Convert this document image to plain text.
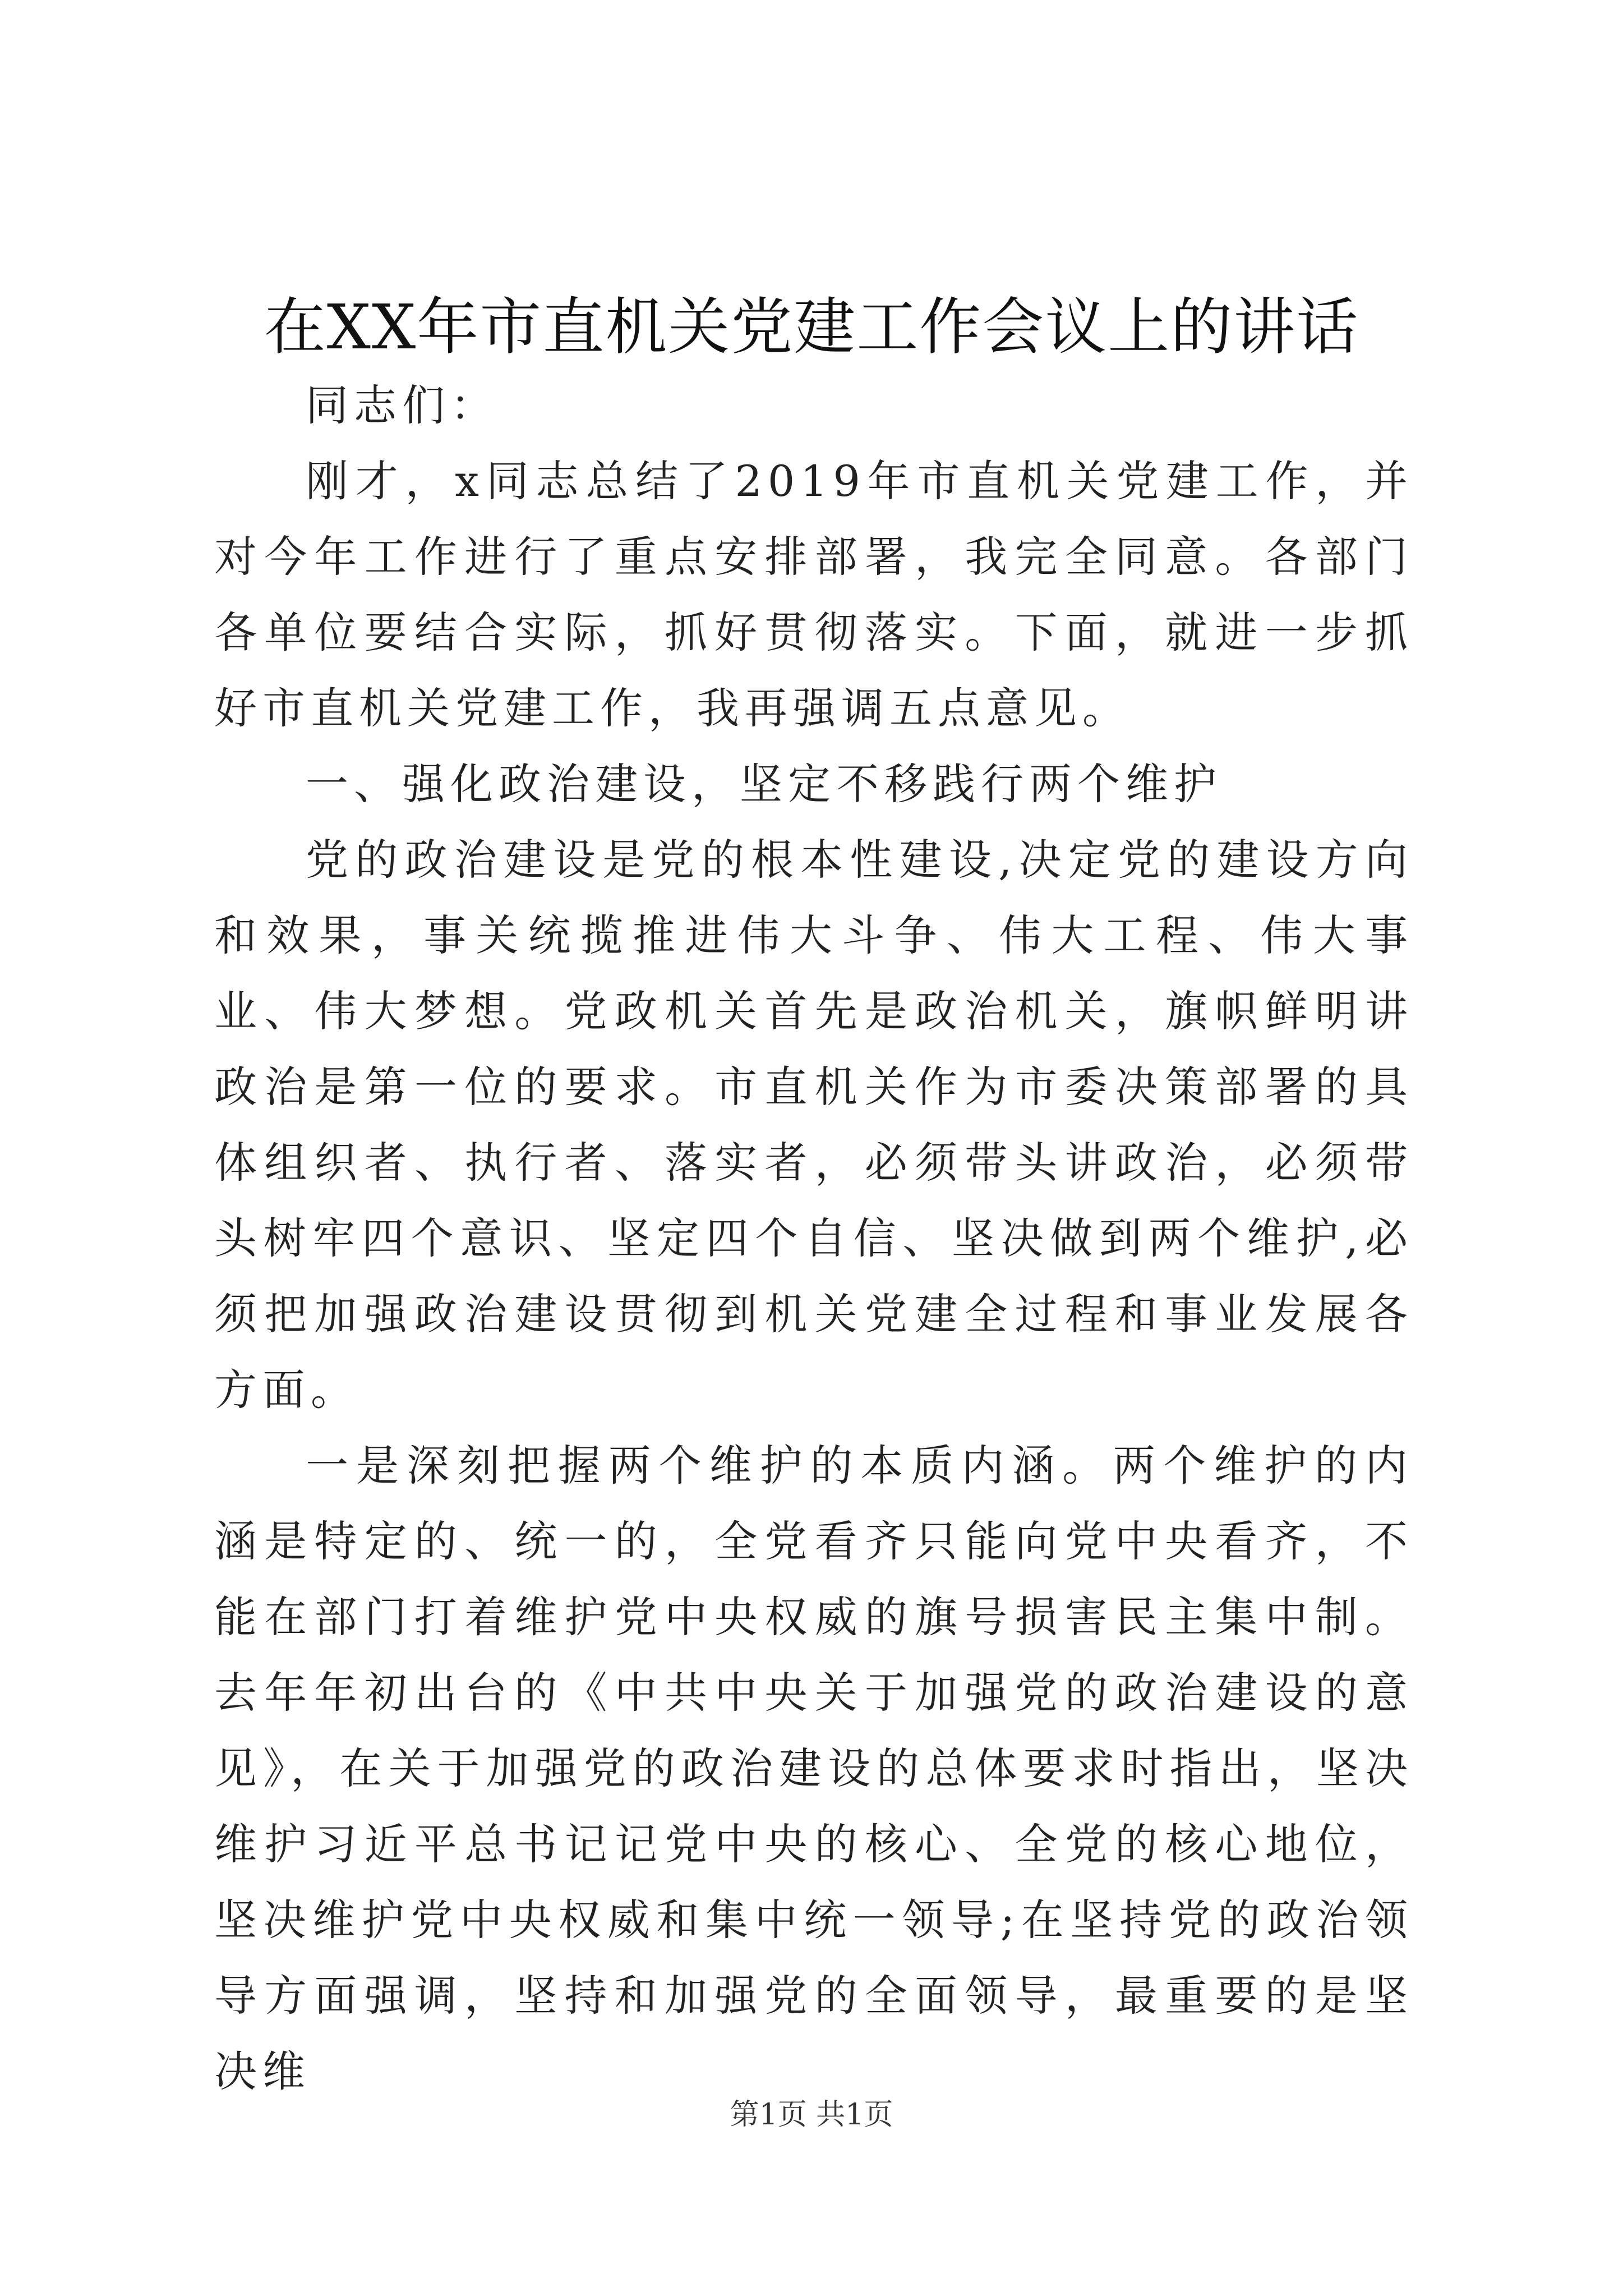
在XX年市直机关党建工作会议上的讲话

同志们：

刚才，x同志总结了2019年市直机关党建工作，并对今年工作进行了重点安排部署，我完全同意。各部门各单位要结合实际，抓好贯彻落实。下面，就进一步抓好市直机关党建工作，我再强调五点意见。

一、强化政治建设，坚定不移践行两个维护

党的政治建设是党的根本性建设,决定党的建设方向和效果，事关统揽推进伟大斗争、伟大工程、伟大事业、伟大梦想。党政机关首先是政治机关，旗帜鲜明讲政治是第一位的要求。市直机关作为市委决策部署的具体组织者、执行者、落实者，必须带头讲政治，必须带头树牢四个意识、坚定四个自信、坚决做到两个维护,必须把加强政治建设贯彻到机关党建全过程和事业发展各方面。

一是深刻把握两个维护的本质内涵。两个维护的内涵是特定的、统一的，全党看齐只能向党中央看齐，不能在部门打着维护党中央权威的旗号损害民主集中制。去年年初出台的《中共中央关于加强党的政治建设的意见》，在关于加强党的政治建设的总体要求时指出，坚决维护习近平总书记记党中央的核心、全党的核心地位，坚决维护党中央权威和集中统一领导;在坚持党的政治领导方面强调，坚持和加强党的全面领导，最重要的是坚决维

第1页 共1页
